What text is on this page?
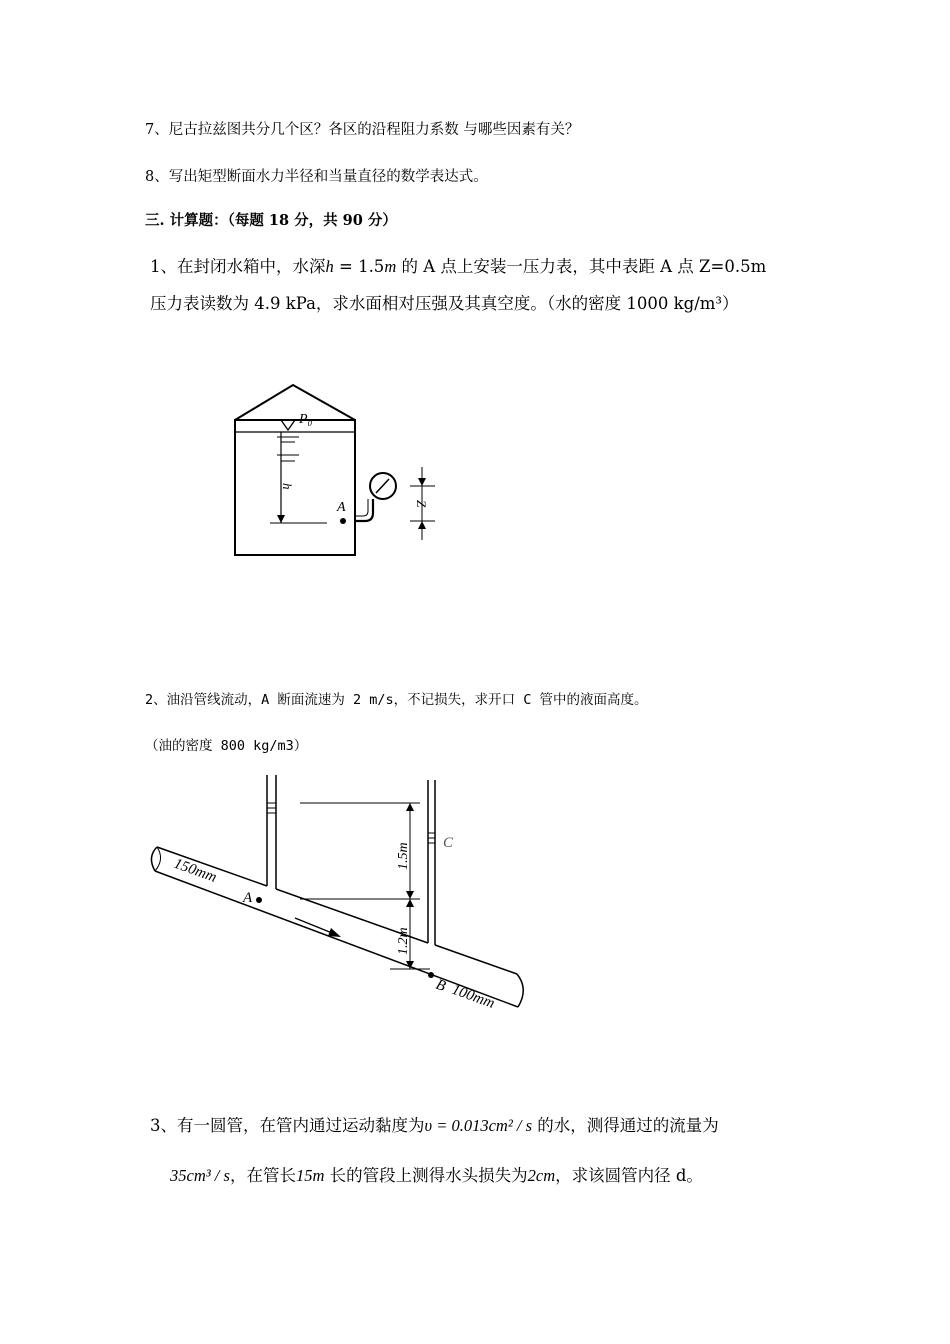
7、尼古拉兹图共分几个区？各区的沿程阻力系数 与哪些因素有关？
8、写出矩型断面水力半径和当量直径的数学表达式。
三. 计算题：（每题 18 分，共 90 分）
1、在封闭水箱中，水深h = 1.5m 的 A 点上安装一压力表，其中表距 A 点 Z=0.5m
压力表读数为 4.9 kPa，求水面相对压强及其真空度。（水的密度 1000 kg/m³）
P₀
h
A	Z
2、油沿管线流动，A 断面流速为 2 m/s，不记损失，求开口 C 管中的液面高度。
（油的密度 800 kg/m3）
1.5m
1.2m
150mm
A
C
B 100mm
3、有一圆管，在管内通过运动黏度为υ = 0.013cm² / s 的水，测得通过的流量为
35cm³ / s，在管长15m 长的管段上测得水头损失为2cm，求该圆管内径 d。
